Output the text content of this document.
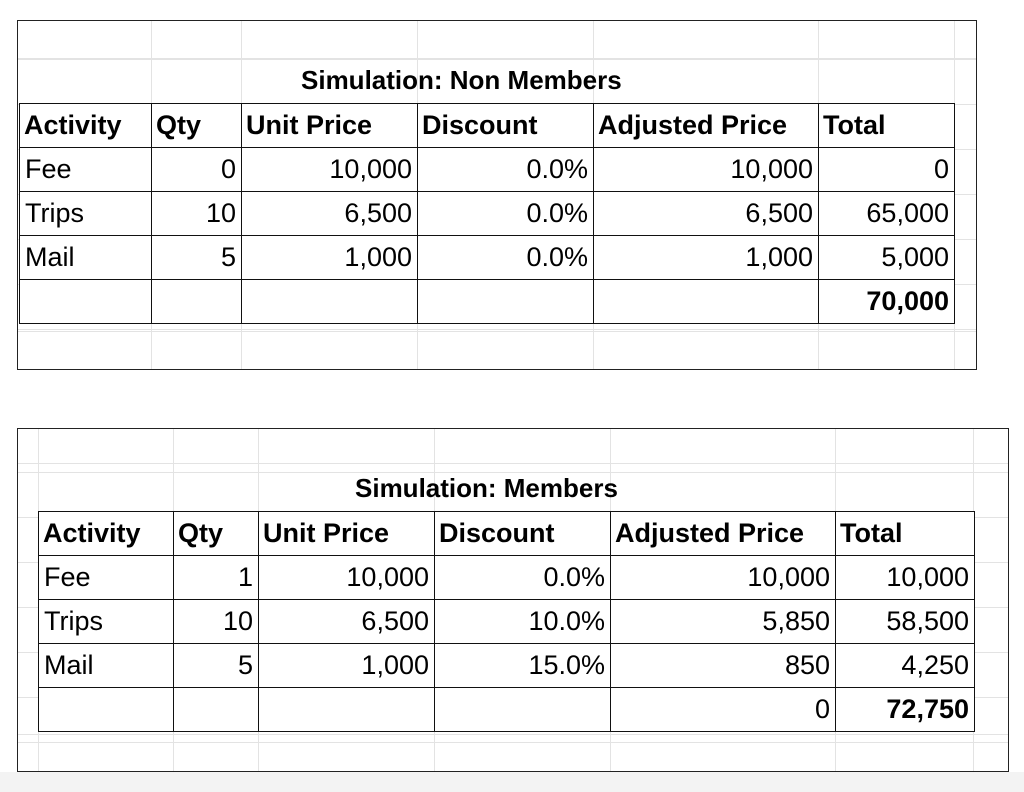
Simulation: Non Members
Activity	Qty	Unit Price	Discount	Adjusted Price	Total
Fee	0	10,000	0.0%	10,000	0
Trips	10	6,500	0.0%	6,500	65,000
Mail	5	1,000	0.0%	1,000	5,000
					70,000
Simulation: Members
Activity	Qty	Unit Price	Discount	Adjusted Price	Total
Fee	1	10,000	0.0%	10,000	10,000
Trips	10	6,500	10.0%	5,850	58,500
Mail	5	1,000	15.0%	850	4,250
				0	72,750
